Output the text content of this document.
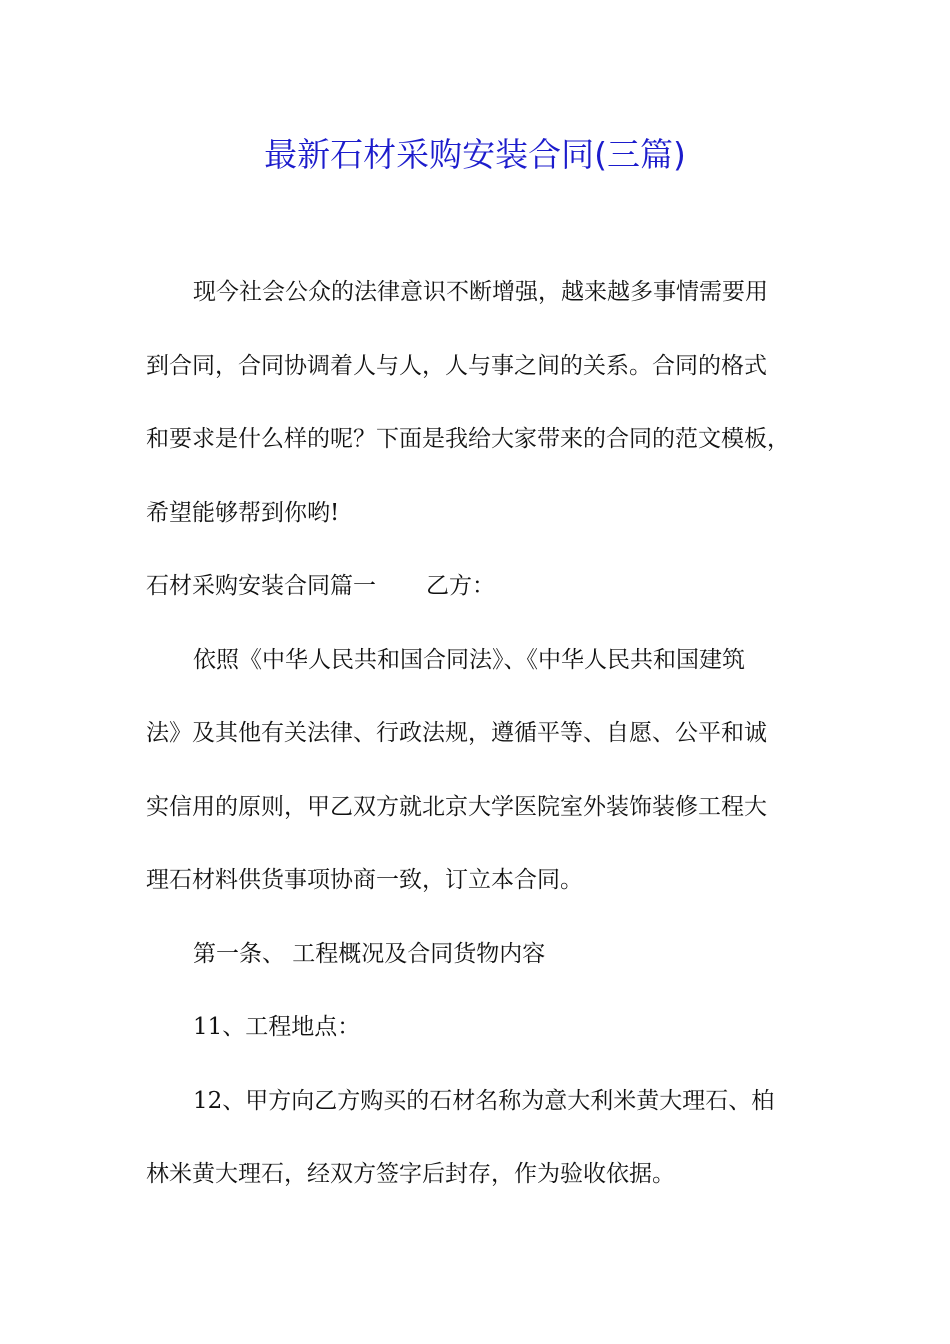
最新石材采购安装合同(三篇)

现今社会公众的法律意识不断增强，越来越多事情需要用
到合同，合同协调着人与人，人与事之间的关系。合同的格式
和要求是什么样的呢？下面是我给大家带来的合同的范文模板，
希望能够帮到你哟!

石材采购安装合同篇一 乙方：

依照《中华人民共和国合同法》、《中华人民共和国建筑
法》及其他有关法律、行政法规，遵循平等、自愿、公平和诚
实信用的原则，甲乙双方就北京大学医院室外装饰装修工程大
理石材料供货事项协商一致，订立本合同。

第一条、 工程概况及合同货物内容

11、工程地点：

12、甲方向乙方购买的石材名称为意大利米黄大理石、柏
林米黄大理石，经双方签字后封存，作为验收依据。
